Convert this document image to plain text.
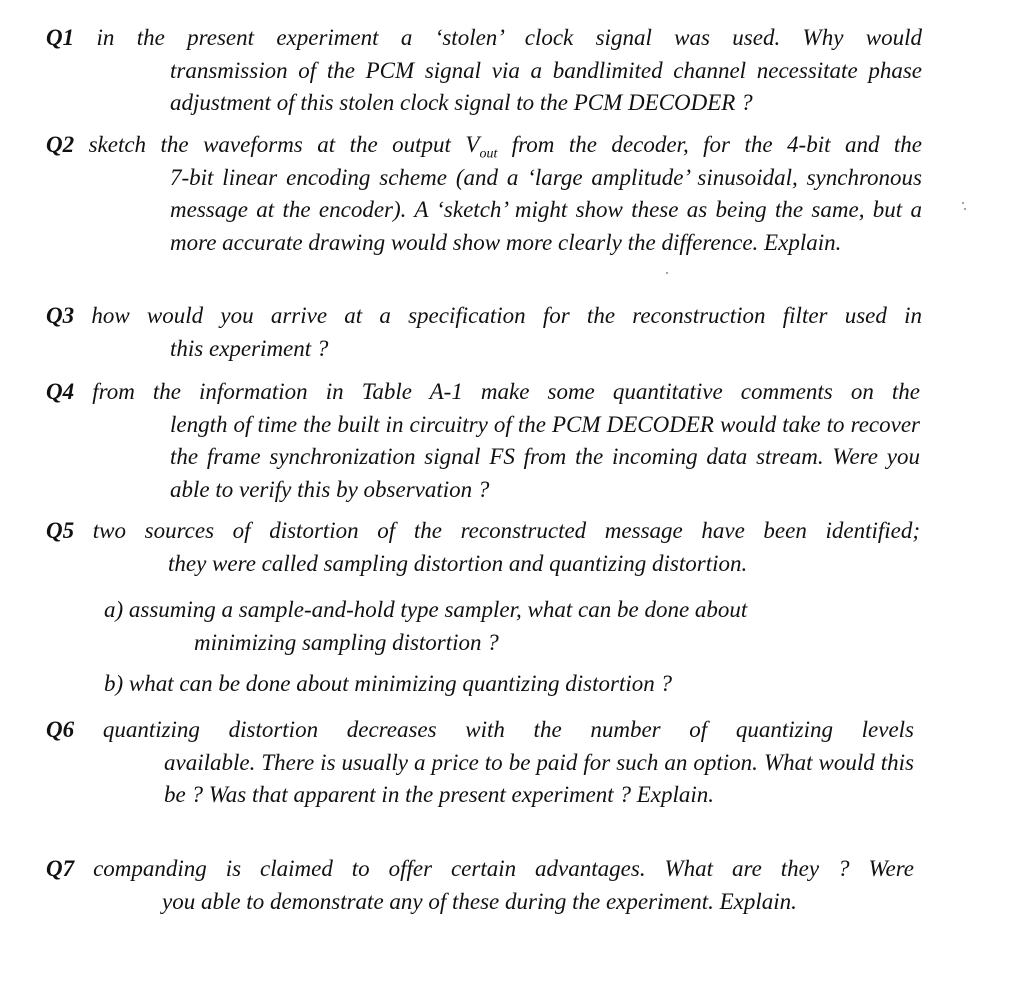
Q1 in the present experiment a ‘stolen’ clock signal was used. Why would
transmission of the PCM signal via a bandlimited channel necessitate phase adjustment of this stolen clock signal to the PCM DECODER ?
Q2 sketch the waveforms at the output $V_{out}$ from the decoder, for the 4-bit and the
7-bit linear encoding scheme (and a ‘large amplitude’ sinusoidal, synchronous message at the encoder). A ‘sketch’ might show these as being the same, but a more accurate drawing would show more clearly the difference. Explain.
Q3 how would you arrive at a specification for the reconstruction filter used in
this experiment ?
Q4 from the information in Table A-1 make some quantitative comments on the
length of time the built in circuitry of the PCM DECODER would take to recover the frame synchronization signal FS from the incoming data stream. Were you able to verify this by observation ?
Q5 two sources of distortion of the reconstructed message have been identified;
they were called sampling distortion and quantizing distortion.
a) assuming a sample-and-hold type sampler, what can be done about
minimizing sampling distortion ?
b) what can be done about minimizing quantizing distortion ?
Q6 quantizing distortion decreases with the number of quantizing levels
available. There is usually a price to be paid for such an option. What would this be ? Was that apparent in the present experiment ? Explain.
Q7 companding is claimed to offer certain advantages. What are they ? Were
you able to demonstrate any of these during the experiment. Explain.
